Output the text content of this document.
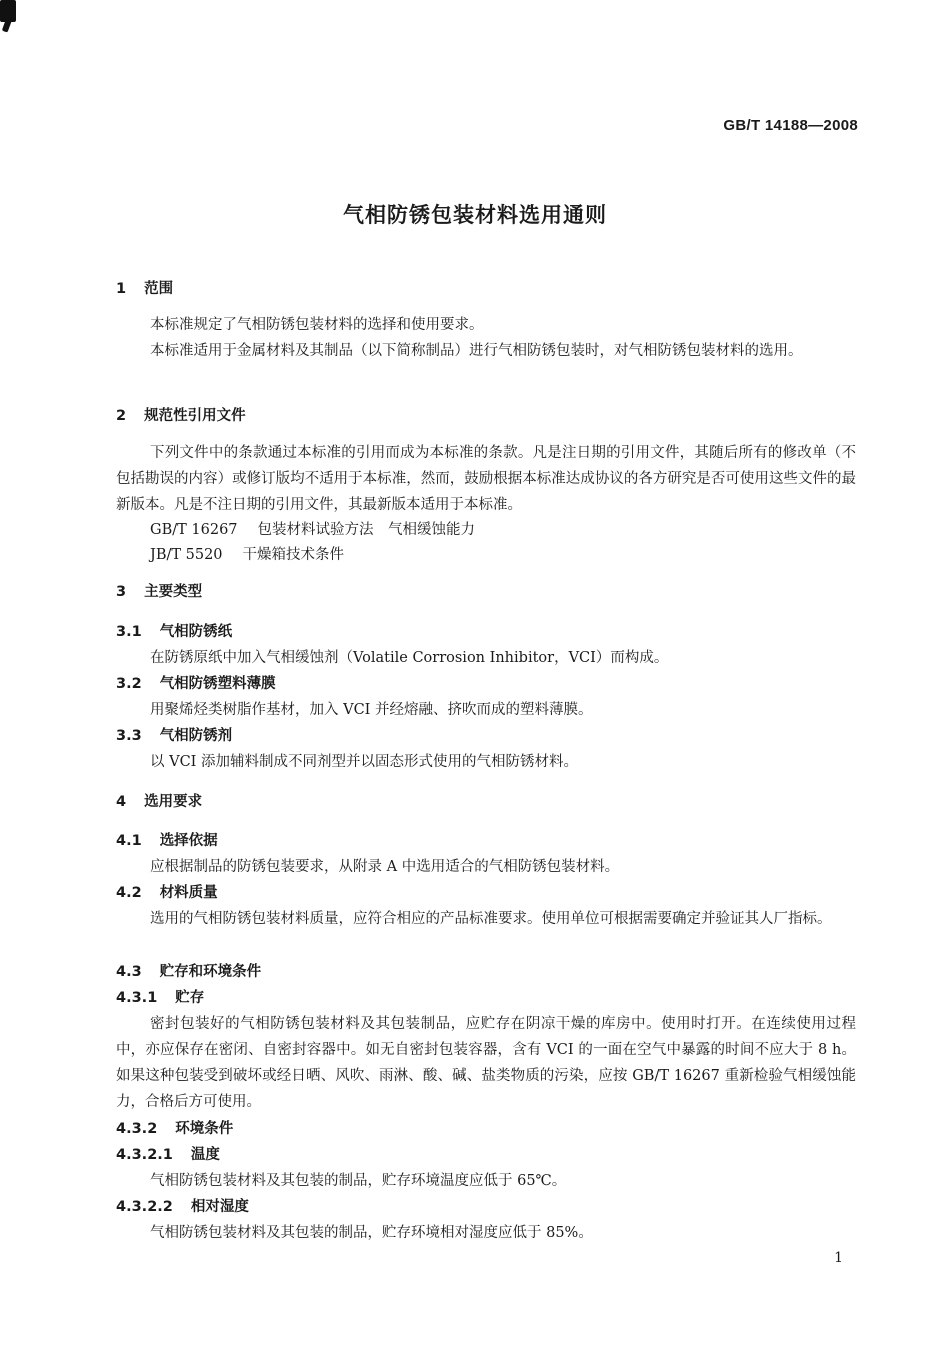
GB/T 14188—2008
气相防锈包装材料选用通则
1 范围

本标准规定了气相防锈包装材料的选择和使用要求。

本标准适用于金属材料及其制品（以下简称制品）进行气相防锈包装时，对气相防锈包装材料的选用。

2 规范性引用文件

下列文件中的条款通过本标准的引用而成为本标准的条款。凡是注日期的引用文件，其随后所有的修改单（不包括勘误的内容）或修订版均不适用于本标准，然而，鼓励根据本标准达成协议的各方研究是否可使用这些文件的最新版本。凡是不注日期的引用文件，其最新版本适用于本标准。

GB/T 16267 包装材料试验方法　气相缓蚀能力
JB/T 5520 干燥箱技术条件
3 主要类型
3.1 气相防锈纸

在防锈原纸中加入气相缓蚀剂（Volatile Corrosion Inhibitor，VCI）而构成。

3.2 气相防锈塑料薄膜

用聚烯烃类树脂作基材，加入 VCI 并经熔融、挤吹而成的塑料薄膜。

3.3 气相防锈剂

以 VCI 添加辅料制成不同剂型并以固态形式使用的气相防锈材料。

4 选用要求
4.1 选择依据

应根据制品的防锈包装要求，从附录 A 中选用适合的气相防锈包装材料。

4.2 材料质量

选用的气相防锈包装材料质量，应符合相应的产品标准要求。使用单位可根据需要确定并验证其人厂指标。

4.3 贮存和环境条件
4.3.1 贮存

密封包装好的气相防锈包装材料及其包装制品，应贮存在阴凉干燥的库房中。使用时打开。在连续使用过程中，亦应保存在密闭、自密封容器中。如无自密封包装容器，含有 VCI 的一面在空气中暴露的时间不应大于 8 h。如果这种包装受到破坏或经日晒、风吹、雨淋、酸、碱、盐类物质的污染，应按 GB/T 16267 重新检验气相缓蚀能力，合格后方可使用。

4.3.2 环境条件
4.3.2.1 温度

气相防锈包装材料及其包装的制品，贮存环境温度应低于 65℃。

4.3.2.2 相对湿度

气相防锈包装材料及其包装的制品，贮存环境相对湿度应低于 85%。

1
